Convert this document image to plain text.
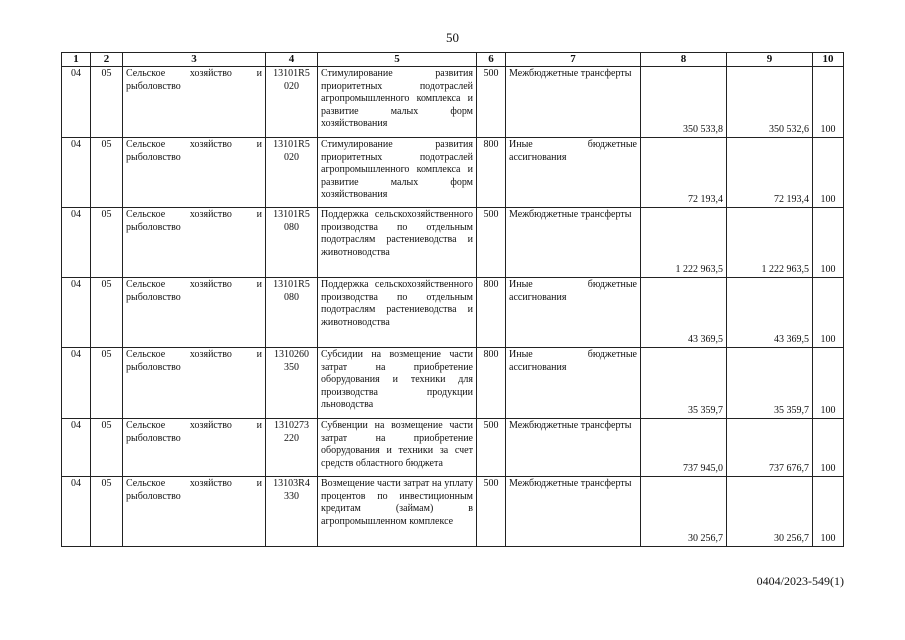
50
1	2	3	4	5	6	7	8	9	10
04	05	Сельское хозяйство и рыболовство	13101R5 020	Стимулирование развития приоритетных подотраслей агропромышленного комплекса и развитие малых форм хозяйствования	500	Межбюджетные трансферты	350 533,8	350 532,6	100
04	05	Сельское хозяйство и рыболовство	13101R5 020	Стимулирование развития приоритетных подотраслей агропромышленного комплекса и развитие малых форм хозяйствования	800	Иные бюджетные ассигнования	72 193,4	72 193,4	100
04	05	Сельское хозяйство и рыболовство	13101R5 080	Поддержка сельскохозяйственного производства по отдельным подотраслям растениеводства и животноводства	500	Межбюджетные трансферты	1 222 963,5	1 222 963,5	100
04	05	Сельское хозяйство и рыболовство	13101R5 080	Поддержка сельскохозяйственного производства по отдельным подотраслям растениеводства и животноводства	800	Иные бюджетные ассигнования	43 369,5	43 369,5	100
04	05	Сельское хозяйство и рыболовство	1310260 350	Субсидии на возмещение части затрат на приобретение оборудования и техники для производства продукции льноводства	800	Иные бюджетные ассигнования	35 359,7	35 359,7	100
04	05	Сельское хозяйство и рыболовство	1310273 220	Субвенции на возмещение части затрат на приобретение оборудования и техники за счет средств областного бюджета	500	Межбюджетные трансферты	737 945,0	737 676,7	100
04	05	Сельское хозяйство и рыболовство	13103R4 330	Возмещение части затрат на уплату процентов по инвестиционным кредитам (займам) в агропромышленном комплексе	500	Межбюджетные трансферты	30 256,7	30 256,7	100
0404/2023-549(1)
